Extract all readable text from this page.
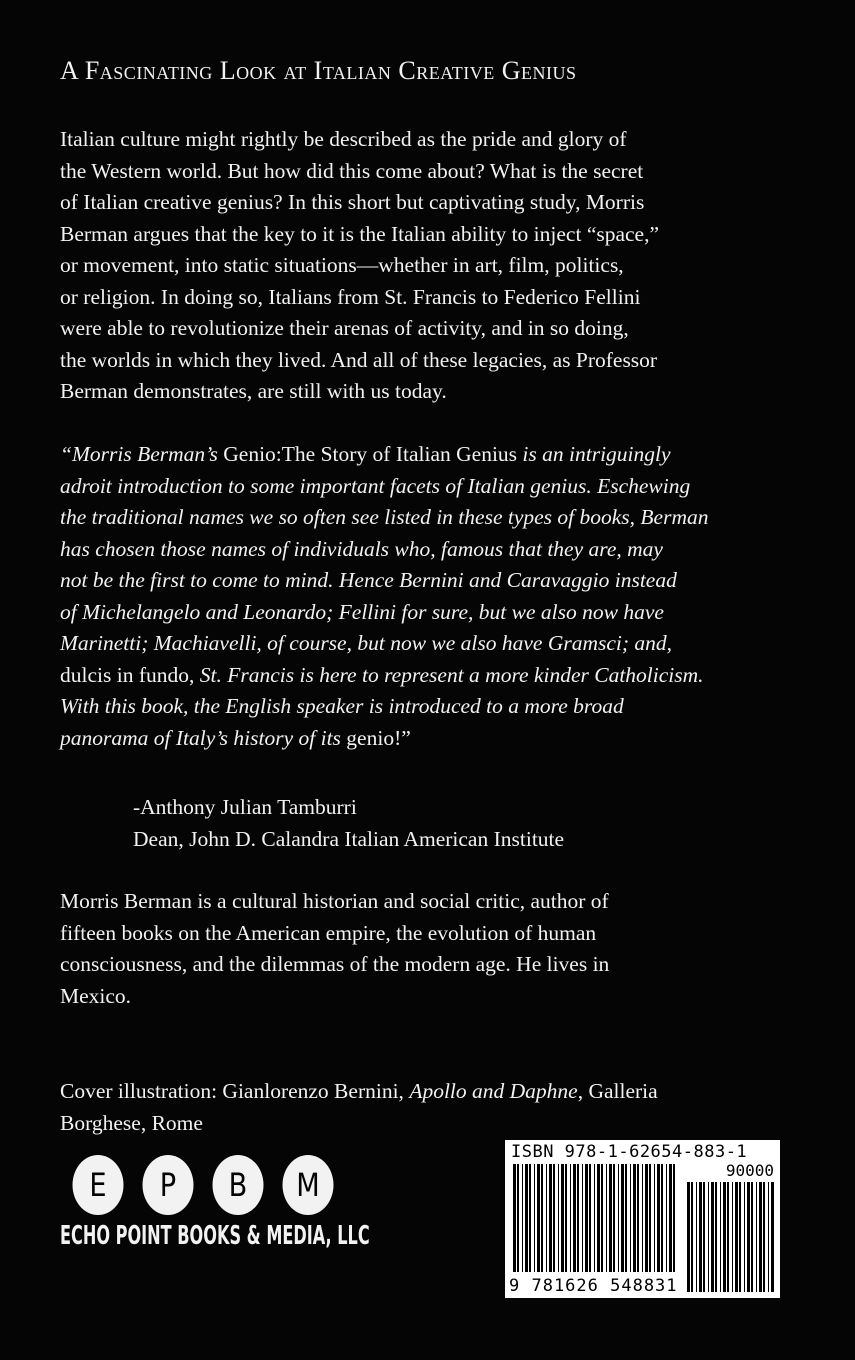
A Fascinating Look at Italian Creative Genius
Italian culture might rightly be described as the pride and glory of
the Western world. But how did this come about? What is the secret
of Italian creative genius? In this short but captivating study, Morris
Berman argues that the key to it is the Italian ability to inject “space,”
or movement, into static situations—whether in art, film, politics,
or religion. In doing so, Italians from St. Francis to Federico Fellini
were able to revolutionize their arenas of activity, and in so doing,
the worlds in which they lived. And all of these legacies, as Professor
Berman demonstrates, are still with us today.
“Morris Berman’s Genio:The Story of Italian Genius is an intriguingly
adroit introduction to some important facets of Italian genius. Eschewing
the traditional names we so often see listed in these types of books, Berman
has chosen those names of individuals who, famous that they are, may
not be the first to come to mind. Hence Bernini and Caravaggio instead
of Michelangelo and Leonardo; Fellini for sure, but we also now have
Marinetti; Machiavelli, of course, but now we also have Gramsci; and,
dulcis in fundo, St. Francis is here to represent a more kinder Catholicism.
With this book, the English speaker is introduced to a more broad
panorama of Italy’s history of its genio!”
-Anthony Julian Tamburri
Dean, John D. Calandra Italian American Institute
Morris Berman is a cultural historian and social critic, author of
fifteen books on the American empire, the evolution of human
consciousness, and the dilemmas of the modern age. He lives in
Mexico.
Cover illustration: Gianlorenzo Bernini, Apollo and Daphne, Galleria
Borghese, Rome
E	P	B	M
ECHO POINT BOOKS & MEDIA, LLC
ISBN 978-1-62654-883-1
90000
9 781626 548831
